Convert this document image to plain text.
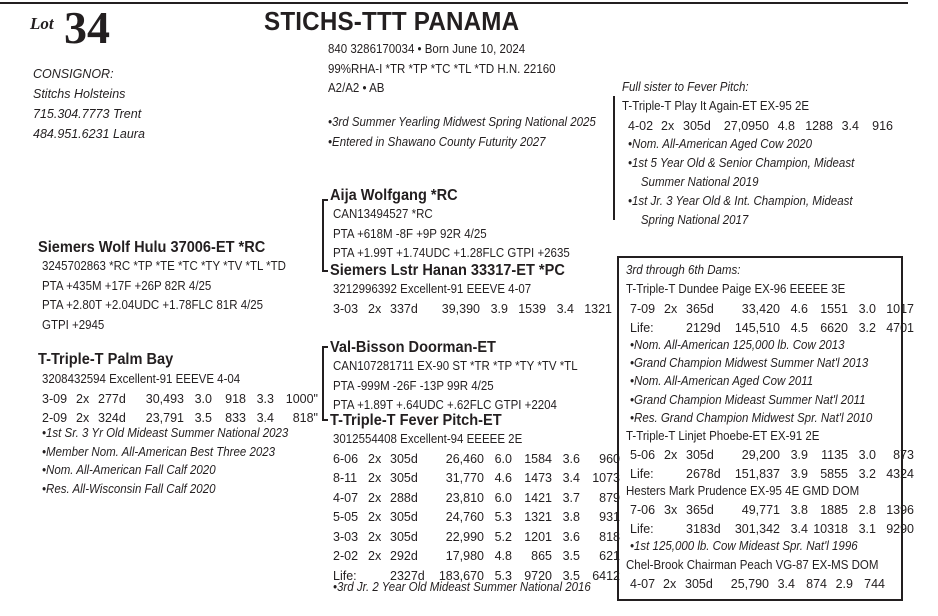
Lot 34	STICHS-TTT PANAMA
CONSIGNOR:
Stitchs Holsteins
715.304.7773 Trent
484.951.6231 Laura
840 3286170034 • Born June 10, 2024
99%RHA-I *TR *TP *TC *TL *TD H.N. 22160
A2/A2 • AB
•3rd Summer Yearling Midwest Spring National 2025
•Entered in Shawano County Futurity 2027
Siemers Wolf Hulu 37006-ET *RC
3245702863 *RC *TP *TE *TC *TY *TV *TL *TD
PTA +435M +17F +26P 82R 4/25
PTA +2.80T +2.04UDC +1.78FLC 81R 4/25
GTPI +2945
Aija Wolfgang *RC
CAN13494527 *RC
PTA +618M -8F +9P 92R 4/25
PTA +1.99T +1.74UDC +1.28FLC GTPI +2635
Siemers Lstr Hanan 33317-ET *PC
3212996392 Excellent-91 EEEVE 4-07
3-03	2x	337d	39,390	3.9	1539	3.4	1321
T-Triple-T Palm Bay
3208432594 Excellent-91 EEEVE 4-04
3-09	2x	277d	30,493	3.0	918	3.3	1000"
2-09	2x	324d	23,791	3.5	833	3.4	818"
•1st Sr. 3 Yr Old Mideast Summer National 2023
•Member Nom. All-American Best Three 2023
•Nom. All-American Fall Calf 2020
•Res. All-Wisconsin Fall Calf 2020
Val-Bisson Doorman-ET
CAN107281711 EX-90 ST *TR *TP *TY *TV *TL
PTA -999M -26F -13P 99R 4/25
PTA +1.89T +.64UDC +.62FLC GTPI +2204
T-Triple-T Fever Pitch-ET
3012554408 Excellent-94 EEEEE 2E
6-06	2x	305d	26,460	6.0	1584	3.6	960
8-11	2x	305d	31,770	4.6	1473	3.4	1073
4-07	2x	288d	23,810	6.0	1421	3.7	879
5-05	2x	305d	24,760	5.3	1321	3.8	931
3-03	2x	305d	22,990	5.2	1201	3.6	818
2-02	2x	292d	17,980	4.8	865	3.5	621
Life:		2327d	183,670	5.3	9720	3.5	6412
•3rd Jr. 2 Year Old Mideast Summer National 2016
Full sister to Fever Pitch:
T-Triple-T Play It Again-ET EX-95 2E
4-02	2x	305d	27,0950	4.8	1288	3.4	916
•Nom. All-American Aged Cow 2020
•1st 5 Year Old & Senior Champion, Mideast
Summer National 2019
•1st Jr. 3 Year Old & Int. Champion, Mideast
Spring National 2017
3rd through 6th Dams:
T-Triple-T Dundee Paige EX-96 EEEEE 3E
7-09	2x	365d	33,420	4.6	1551	3.0	1017
Life:		2129d	145,510	4.5	6620	3.2	4701
•Nom. All-American 125,000 lb. Cow 2013
•Grand Champion Midwest Summer Nat'l 2013
•Nom. All-American Aged Cow 2011
•Grand Champion Mideast Summer Nat'l 2011
•Res. Grand Champion Midwest Spr. Nat'l 2010
T-Triple-T Linjet Phoebe-ET EX-91 2E
5-06	2x	305d	29,200	3.9	1135	3.0	873
Life:		2678d	151,837	3.9	5855	3.2	4324
Hesters Mark Prudence EX-95 4E GMD DOM
7-06	3x	365d	49,771	3.8	1885	2.8	1396
Life:		3183d	301,342	3.4	10318	3.1	9290
•1st 125,000 lb. Cow Mideast Spr. Nat'l 1996
Chel-Brook Chairman Peach VG-87 EX-MS DOM
4-07	2x	305d	25,790	3.4	874	2.9	744
